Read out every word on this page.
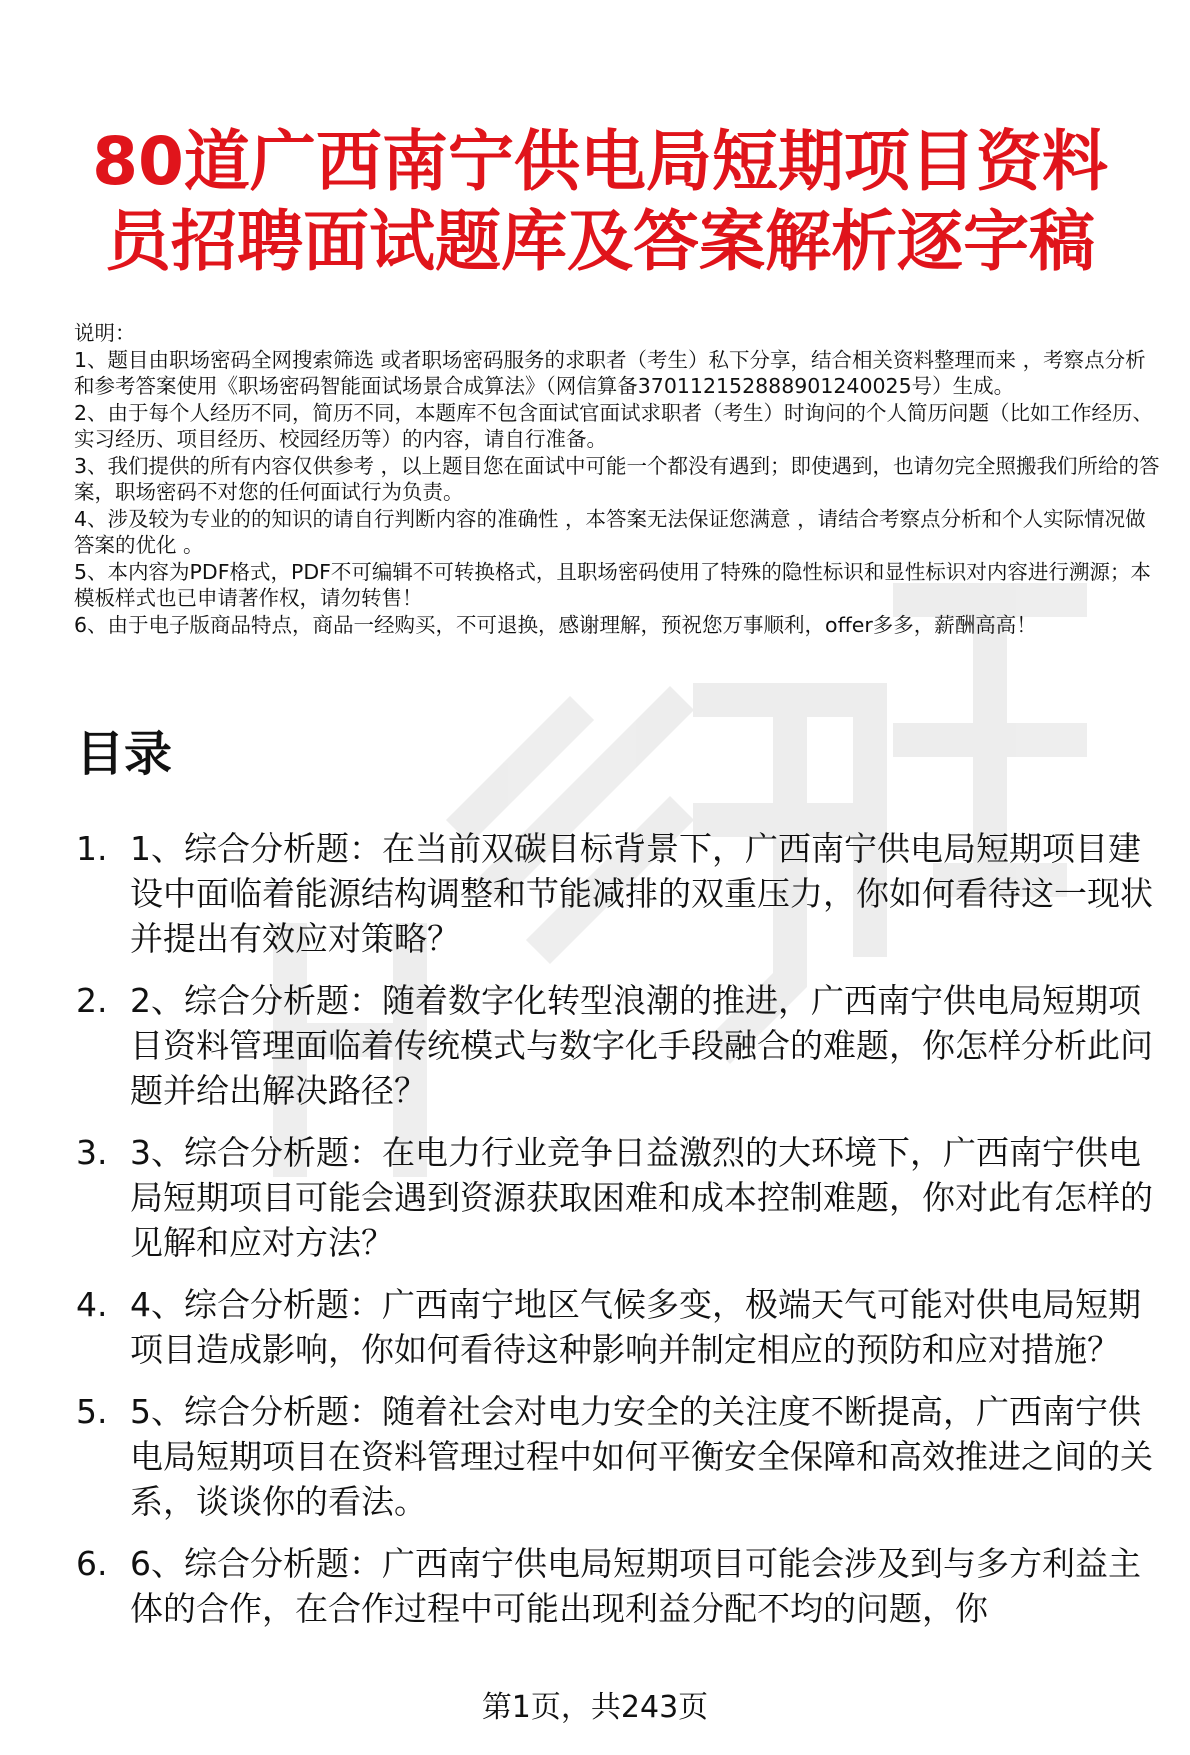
80道广西南宁供电局短期项目资料
员招聘面试题库及答案解析逐字稿

说明：

1、题目由职场密码全网搜索筛选 或者职场密码服务的求职者（考生）私下分享，结合相关资料整理而来 ，考察点分析和参考答案使用《职场密码智能面试场景合成算法》（网信算备370112152888901240025号）生成。

2、由于每个人经历不同，简历不同，本题库不包含面试官面试求职者（考生）时询问的个人简历问题（比如工作经历、实习经历、项目经历、校园经历等）的内容，请自行准备。

3、我们提供的所有内容仅供参考 ，以上题目您在面试中可能一个都没有遇到；即使遇到，也请勿完全照搬我们所给的答案，职场密码不对您的任何面试行为负责。

4、涉及较为专业的的知识的请自行判断内容的准确性 ，本答案无法保证您满意 ，请结合考察点分析和个人实际情况做答案的优化 。

5、本内容为PDF格式，PDF不可编辑不可转换格式，且职场密码使用了特殊的隐性标识和显性标识对内容进行溯源；本模板样式也已申请著作权，请勿转售！

6、由于电子版商品特点，商品一经购买，不可退换，感谢理解，预祝您万事顺利，offer多多，薪酬高高！

目录
1. 1、综合分析题：在当前双碳目标背景下，广西南宁供电局短期项目建设中面临着能源结构调整和节能减排的双重压力，你如何看待这一现状并提出有效应对策略？
2. 2、综合分析题：随着数字化转型浪潮的推进，广西南宁供电局短期项目资料管理面临着传统模式与数字化手段融合的难题，你怎样分析此问题并给出解决路径？
3. 3、综合分析题：在电力行业竞争日益激烈的大环境下，广西南宁供电局短期项目可能会遇到资源获取困难和成本控制难题，你对此有怎样的见解和应对方法？
4. 4、综合分析题：广西南宁地区气候多变，极端天气可能对供电局短期项目造成影响，你如何看待这种影响并制定相应的预防和应对措施？
5. 5、综合分析题：随着社会对电力安全的关注度不断提高，广西南宁供电局短期项目在资料管理过程中如何平衡安全保障和高效推进之间的关系，谈谈你的看法。
6. 6、综合分析题：广西南宁供电局短期项目可能会涉及到与多方利益主体的合作，在合作过程中可能出现利益分配不均的问题，你
第1页，共243页
